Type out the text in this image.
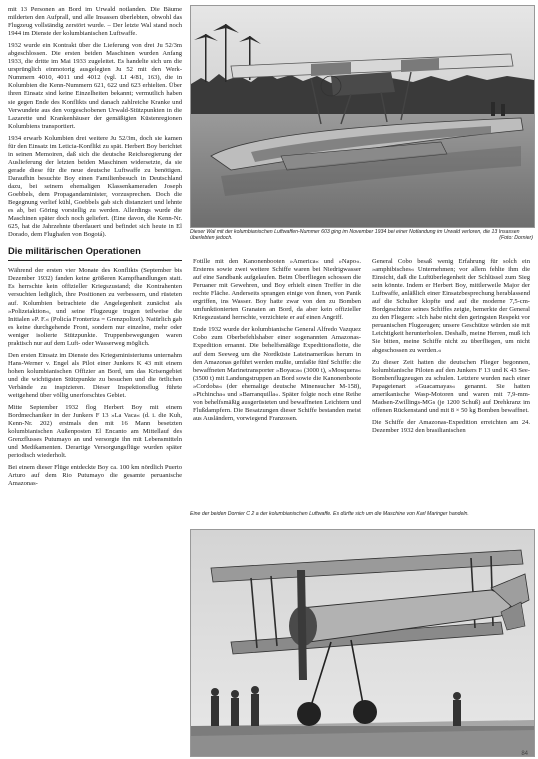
mit 13 Personen an Bord im Urwald notlanden. Die Bäume milderten den Aufprall, und alle Insassen überlebten, obwohl das Flugzeug vollständig zerstört wurde. – Der letzte Wal stand noch 1944 im Dienste der kolumbianischen Luftwaffe.

1932 wurde ein Kontrakt über die Lieferung von drei Ju 52/3m abgeschlossen. Die ersten beiden Maschinen wurden Anfang 1933, die dritte im Mai 1933 zugeleitet. Es handelte sich um die ursprünglich einmotorig ausgelegten Ju 52 mit den Werk-Nummern 4010, 4011 und 4012 (vgl. LI 4/81, 163), die in Kolumbien die Kenn-Nummern 621, 622 und 623 erhielten. Über ihren Einsatz sind keine Einzelheiten bekannt; vermutlich haben sie gegen Ende des Konflikts und danach zahlreiche Kranke und Verwundete aus den vorgeschobenen Urwald-Stützpunkten in die Lazarette und Krankenhäuser der gemäßigten Küstenregionen Kolumbiens transportiert.

1934 erwarb Kolumbien drei weitere Ju 52/3m, doch sie kamen für den Einsatz im Leticia-Konflikt zu spät. Herbert Boy berichtet in seinen Memoiren, daß sich die deutsche Reichsregierung der Auslieferung der letzten beiden Maschinen widersetzte, da sie gerade diese für die neue deutsche Luftwaffe zu benötigen. Daraufhin besuchte Boy einen Familienbesuch in Deutschland dazu, bei seinem ehemaligen Klassenkameraden Joseph Goebbels, dem Propagandaminister, vorzusprechen. Doch die Begegnung verlief kühl, Goebbels gab sich distanziert und lehnte es ab, bei Göring vorstellig zu werden. Allerdings wurde die Maschinen später doch noch geliefert. (Eine davon, die Kenn-Nr. 625, hat die Jahrzehnte überdauert und befindet sich heute in El Dorado, dem Flughafen von Bogotá).

Die militärischen Operationen

Während der ersten vier Monate des Konflikts (September bis Dezember 1932) fanden keine größeren Kampfhandlungen statt. Es herrschte kein offizieller Kriegszustand; die Kontrahenten versuchten lediglich, ihre Positionen zu verbessern, und rüsteten auf. Kolumbien betrachtete die Angelegenheit zunächst als »Polizeiaktion«, und seine Flugzeuge trugen teilweise die Initialen »P. F.« (Policía Fronteriza = Grenzpolizei). Natürlich gab es keine durchgehende Front, sondern nur einzelne, mehr oder weniger isolierte Stützpunkte. Truppenbewegungen waren praktisch nur auf dem Luft- oder Wasserweg möglich.

Den ersten Einsatz im Dienste des Kriegsministeriums unternahm Hans-Werner v. Engel als Pilot einer Junkers K 43 mit einem hohen kolumbianischen Offizier an Bord, um das Krisengebiet und die wichtigsten Stützpunkte zu besuchen und die örtlichen Verbände zu inspizieren. Dieser Inspektionsflug führte weitgehend über völlig unerforschtes Gebiet.

Mitte September 1932 flog Herbert Boy mit einem Bordmechaniker in der Junkers F 13 »La Vaca« (d. i. die Kuh, Kenn-Nr. 202) erstmals den mit 16 Mann besetzten kolumbianischen Außenposten El Encanto am Mittellauf des Grenzflusses Putumayo an und versorgte ihn mit Lebensmitteln und Medikamenten. Derartige Versorgungsflüge wurden später periodisch wiederholt.

Bei einem dieser Flüge entdeckte Boy ca. 100 km nördlich Puerto Arturo auf dem Rio Putumayo die gesamte peruanische Amazonas-

Dieser Wal mit der kolumbianischen Luftwaffen-Nummer 603 ging im November 1934 bei einer Notlandung im Urwald verloren, die 13 Insassen überlebten jedoch.	(Foto: Dornier)

Fotille mit den Kanonenbooten »America« und »Napo«. Ersteres sowie zwei weitere Schiffe waren bei Niedrigwasser auf eine Sandbank aufgelaufen. Beim Überfliegen schossen die Peruaner mit Gewehren, und Boy erhielt einen Treffer in die rechte Fläche. Anderseits sprangen einige von ihnen, von Panik ergriffen, ins Wasser. Boy hatte zwar von den zu Bomben umfunktionierten Granaten an Bord, da aber kein offizieller Kriegszustand herrschte, verzichtete er auf einen Angriff.

Ende 1932 wurde der kolumbianische General Alfredo Vazquez Cobo zum Oberbefehlshaber einer sogenannten Amazonas-Expedition ernannt. Die behelfsmäßige Expeditionsflotte, die auf dem Seeweg um die Nordküste Lateinamerikas herum in den Amazonas geführt werden mußte, umfaßte fünf Schiffe: die bewaffneten Marinetransporter »Boyaca« (3000 t), »Mosquera« (3500 t) mit Landungstruppen an Bord sowie die Kanonenboote »Cordoba« (der ehemalige deutsche Minensucher M-158), »Pichincha« und »Barranquilla«. Später folgte noch eine Reihe von behelfsmäßig ausgerüsteten und bewaffneten Leichtern und Flußdampfern. Die Besatzungen dieser Schiffe bestanden meist aus Ausländern, vorwiegend Franzosen.

General Cobo besaß wenig Erfahrung für solch ein »amphibisches« Unternehmen; vor allem fehlte ihm die Einsicht, daß die Luftüberlegenheit der Schlüssel zum Sieg sein könnte. Indem er Herbert Boy, mittlerweile Major der Luftwaffe, anläßlich einer Einsatzbesprechung herablassend auf die Schulter klopfte und auf die moderne 7,5-cm-Bordgeschütze seines Schiffes zeigte, bemerkte der General zu den Fliegern: »Ich habe nicht den geringsten Respekt vor peruanischen Flugzeugen; unsere Geschütze würden sie mit Leichtigkeit herunterholen. Deshalb, meine Herren, muß ich Sie bitten, meine Schiffe nicht zu überfliegen, um nicht abgeschossen zu werden.«

Zu dieser Zeit hatten die deutschen Flieger begonnen, kolumbianische Piloten auf den Junkers F 13 und K 43 See-Bombenflugzeugen zu schulen. Letztere wurden nach einer Papageienart »Guacamayas« genannt. Sie hatten amerikanische Wasp-Motoren und waren mit 7,9-mm-Madsen-Zwillings-MGs (je 1200 Schuß) auf Drehkranz im offenen Rückenstand und mit 8 × 50 kg Bomben bewaffnet.

Die Schiffe der Amazonas-Expedition erreichten am 24. Dezember 1932 den brasilianischen

Eine der beiden Dornier C 2 a der kolumbianischen Luftwaffe. Es dürfte sich um die Maschine von Karl Maringer handeln.
84
